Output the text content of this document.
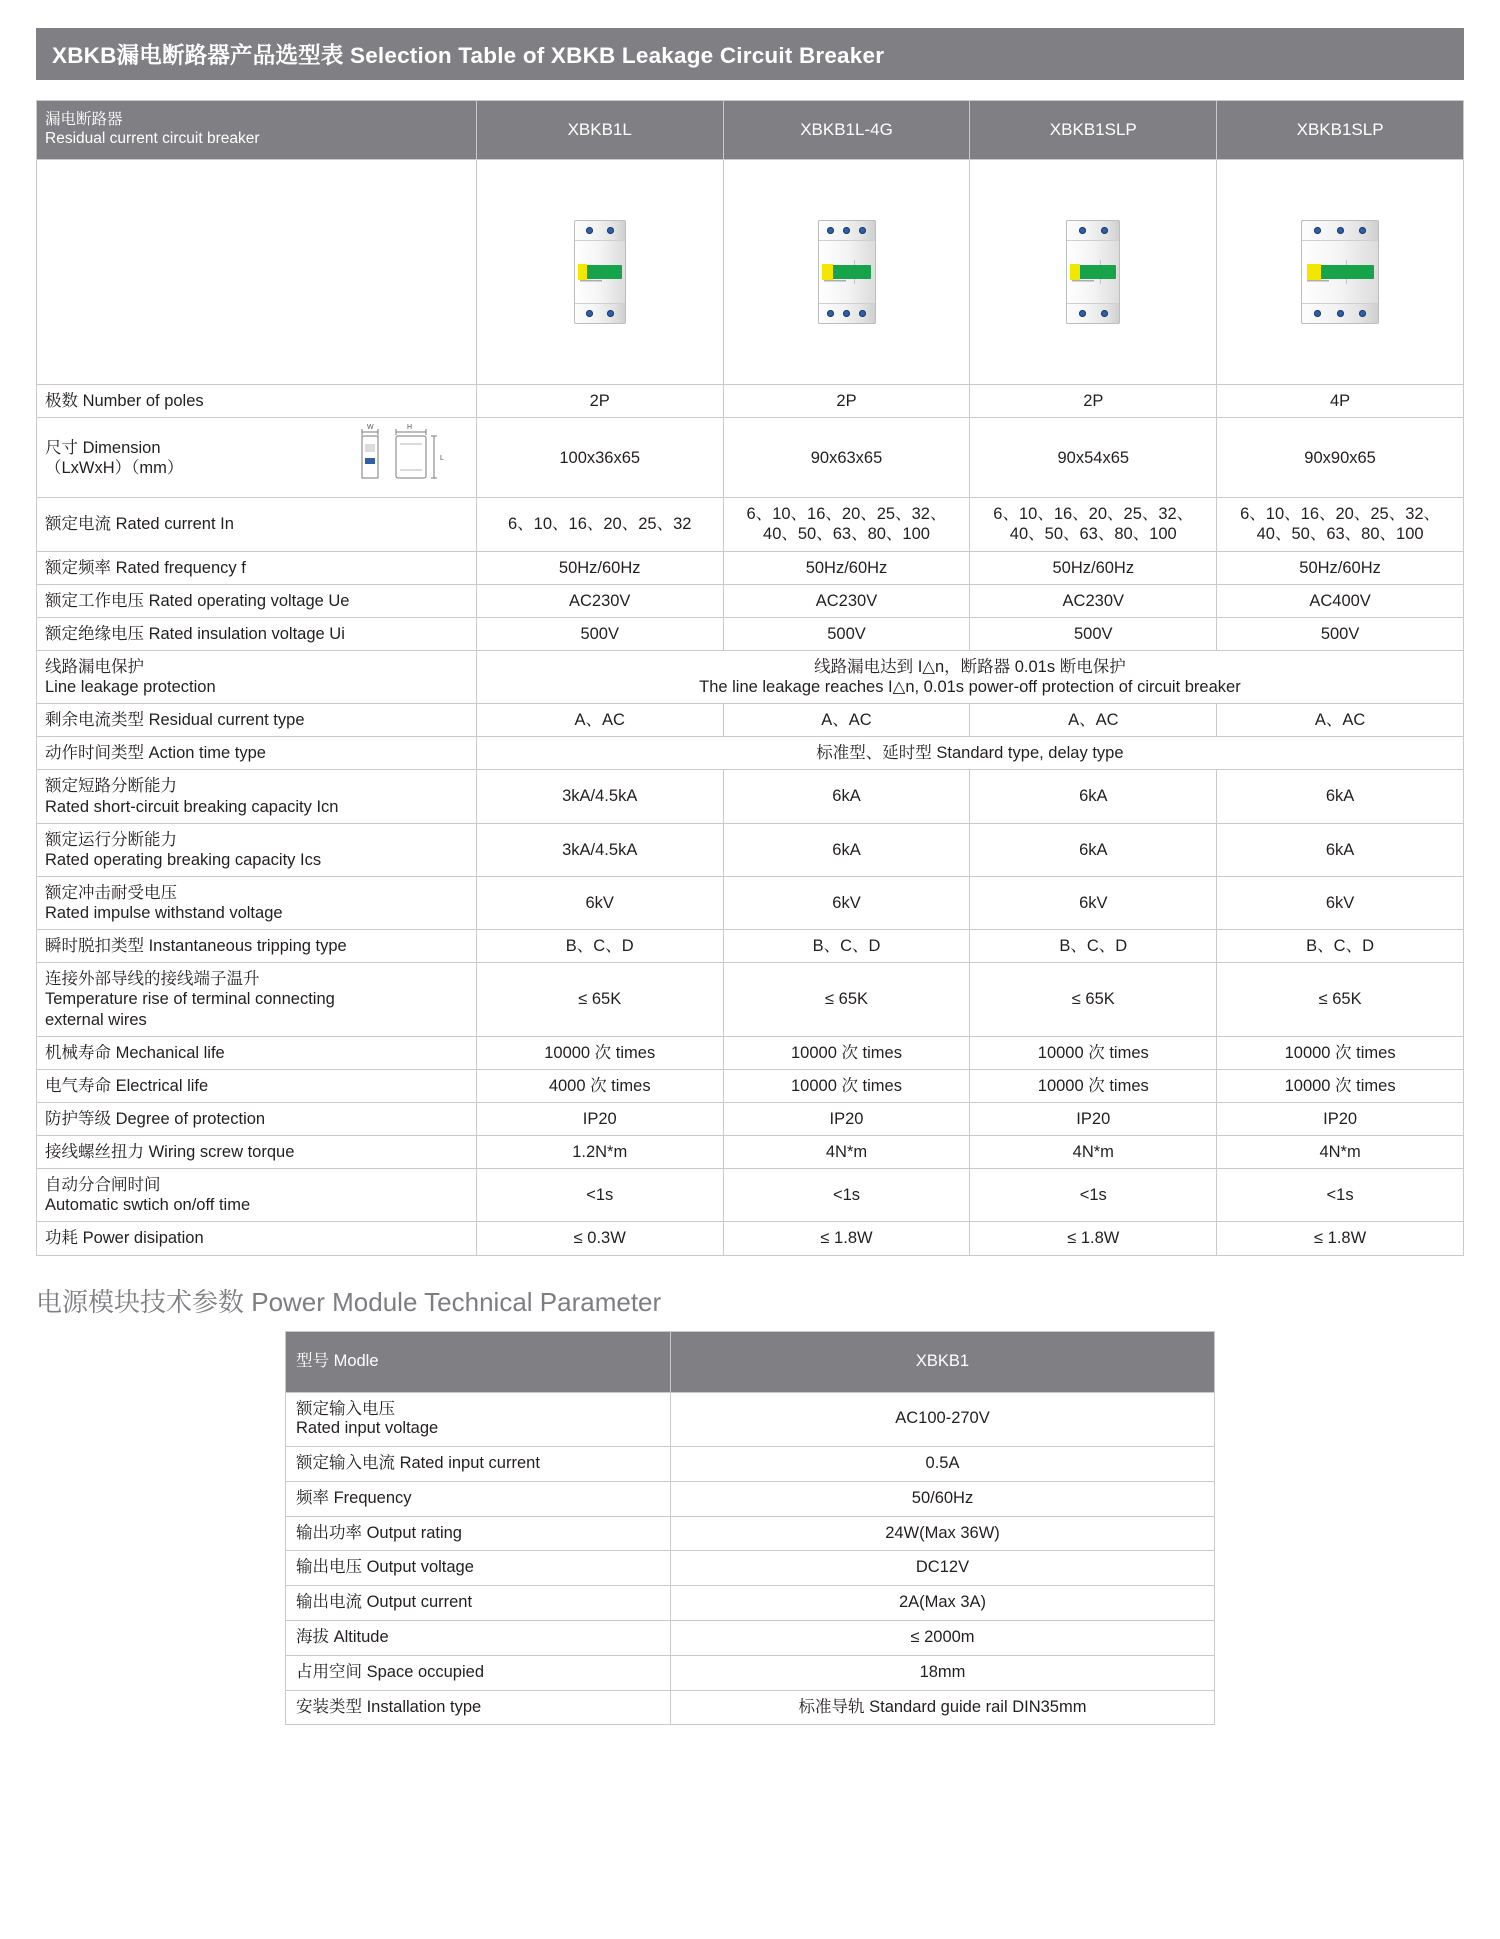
XBKB漏电断路器产品选型表 Selection Table of XBKB Leakage Circuit Breaker
漏电断路器
Residual current circuit breaker	XBKB1L	XBKB1L-4G	XBKB1SLP	XBKB1SLP

极数 Number of poles	2P	2P	2P	4P

尺寸 Dimension
（LxWxH）（mm）
W H
L	100x36x65	90x63x65	90x54x65	90x90x65
额定电流 Rated current In	6、10、16、20、25、32	6、10、16、20、25、32、40、50、63、80、100	6、10、16、20、25、32、40、50、63、80、100	6、10、16、20、25、32、40、50、63、80、100
额定频率 Rated frequency f	50Hz/60Hz	50Hz/60Hz	50Hz/60Hz	50Hz/60Hz
额定工作电压 Rated operating voltage Ue	AC230V	AC230V	AC230V	AC400V
额定绝缘电压 Rated insulation voltage Ui	500V	500V	500V	500V

线路漏电保护
Line leakage protection

线路漏电达到 I△n，断路器 0.01s 断电保护
The line leakage reaches I△n, 0.01s power-off protection of circuit breaker

剩余电流类型 Residual current type	A、AC	A、AC	A、AC	A、AC
动作时间类型 Action time type	标准型、延时型 Standard type, delay type			

额定短路分断能力
Rated short-circuit breaking capacity Icn	3kA/4.5kA	6kA	6kA	6kA

额定运行分断能力
Rated operating breaking capacity Ics	3kA/4.5kA	6kA	6kA	6kA

额定冲击耐受电压
Rated impulse withstand voltage	6kV	6kV	6kV	6kV
瞬时脱扣类型 Instantaneous tripping type	B、C、D	B、C、D	B、C、D	B、C、D

连接外部导线的接线端子温升
Temperature rise of terminal connecting
external wires	≤ 65K	≤ 65K	≤ 65K	≤ 65K
机械寿命 Mechanical life	10000 次 times	10000 次 times	10000 次 times	10000 次 times
电气寿命 Electrical life	4000 次 times	10000 次 times	10000 次 times	10000 次 times
防护等级 Degree of protection	IP20	IP20	IP20	IP20
接线螺丝扭力 Wiring screw torque	1.2N*m	4N*m	4N*m	4N*m

自动分合闸时间
Automatic swtich on/off time	<1s	<1s	<1s	<1s
功耗 Power disipation	≤ 0.3W	≤ 1.8W	≤ 1.8W	≤ 1.8W
电源模块技术参数 Power Module Technical Parameter
型号 Modle	XBKB1

额定输入电压
Rated input voltage	AC100-270V
额定输入电流 Rated input current	0.5A
频率 Frequency	50/60Hz
输出功率 Output rating	24W(Max 36W)
输出电压 Output voltage	DC12V
输出电流 Output current	2A(Max 3A)
海拔 Altitude	≤ 2000m
占用空间 Space occupied	18mm
安装类型 Installation type	标准导轨 Standard guide rail DIN35mm
